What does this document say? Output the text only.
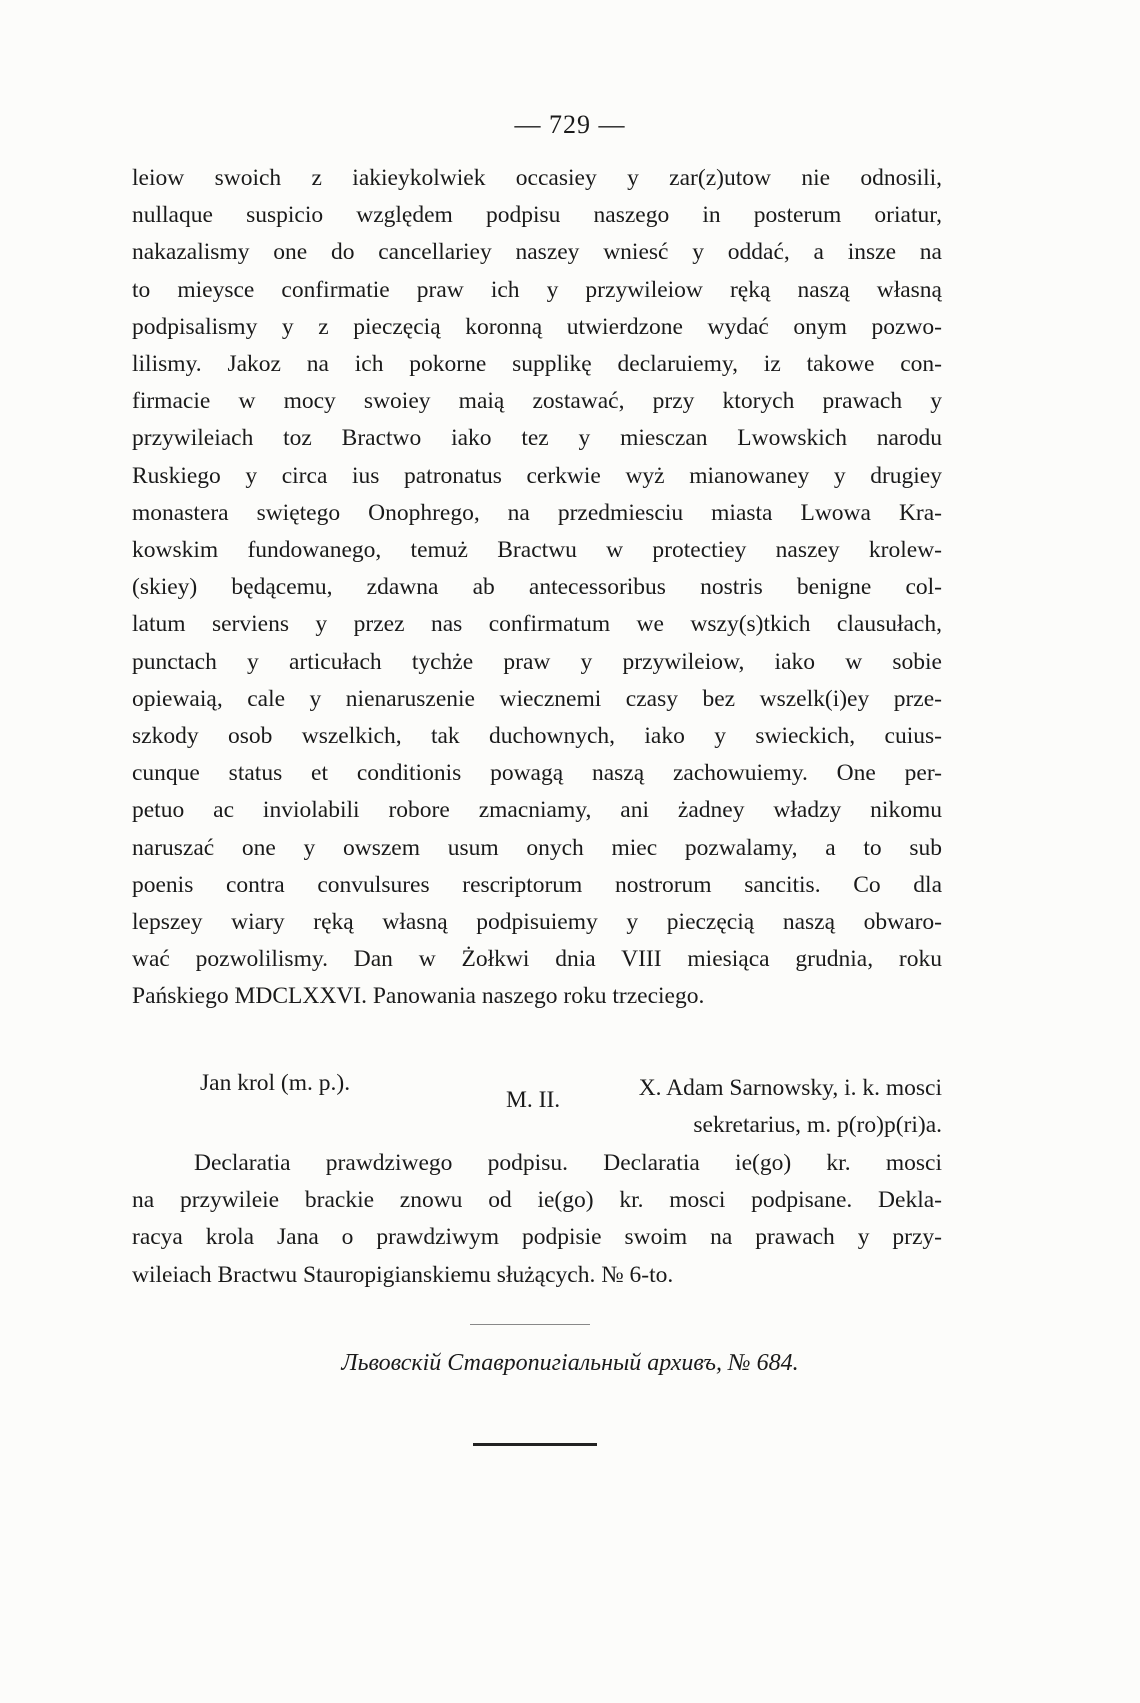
— 729 —
leiow swoich z iakieykolwiek occasiey y zar(z)utow nie odnosili,
nullaque suspicio względem podpisu naszego in posterum oriatur,
nakazalismy one do cancellariey naszey wniesć y oddać, a insze na
to mieysce confirmatie praw ich y przywileiow ręką naszą własną
podpisalismy y z pieczęcią koronną utwierdzone wydać onym pozwo-
lilismy. Jakoz na ich pokorne supplikę declaruiemy, iz takowe con-
firmacie w mocy swoiey maią zostawać, przy ktorych prawach y
przywileiach toz Bractwo iako tez y miesczan Lwowskich narodu
Ruskiego y circa ius patronatus cerkwie wyż mianowaney y drugiey
monastera swiętego Onophrego, na przedmiesciu miasta Lwowa Kra-
kowskim fundowanego, temuż Bractwu w protectiey naszey krolew-
(skiey) będącemu, zdawna ab antecessoribus nostris benigne col-
latum serviens y przez nas confirmatum we wszy(s)tkich clausułach,
punctach y articułach tychże praw y przywileiow, iako w sobie
opiewaią, cale y nienaruszenie wiecznemi czasy bez wszelk(i)ey prze-
szkody osob wszelkich, tak duchownych, iako y swieckich, cuius-
cunque status et conditionis powagą naszą zachowuiemy. One per-
petuo ac inviolabili robore zmacniamy, ani żadney władzy nikomu
naruszać one y owszem usum onych miec pozwalamy, a to sub
poenis contra convulsures rescriptorum nostrorum sancitis. Co dla
lepszey wiary ręką własną podpisuiemy y pieczęcią naszą obwaro-
wać pozwolilismy. Dan w Żołkwi dnia VIII miesiąca grudnia, roku
Pańskiego MDCLXXVI. Panowania naszego roku trzeciego.
Jan krol (m. p.).
M. II.	X. Adam Sarnowsky, i. k. mosci
sekretarius, m. p(ro)p(ri)a.
Declaratia prawdziwego podpisu. Declaratia ie(go) kr. mosci
na przywileie brackie znowu od ie(go) kr. mosci podpisane. Dekla-
racya krola Jana o prawdziwym podpisie swoim na prawach y przy-
wileiach Bractwu Stauropigianskiemu służących. № 6-to.
Львовскій Ставропигіальный архивъ, № 684.
